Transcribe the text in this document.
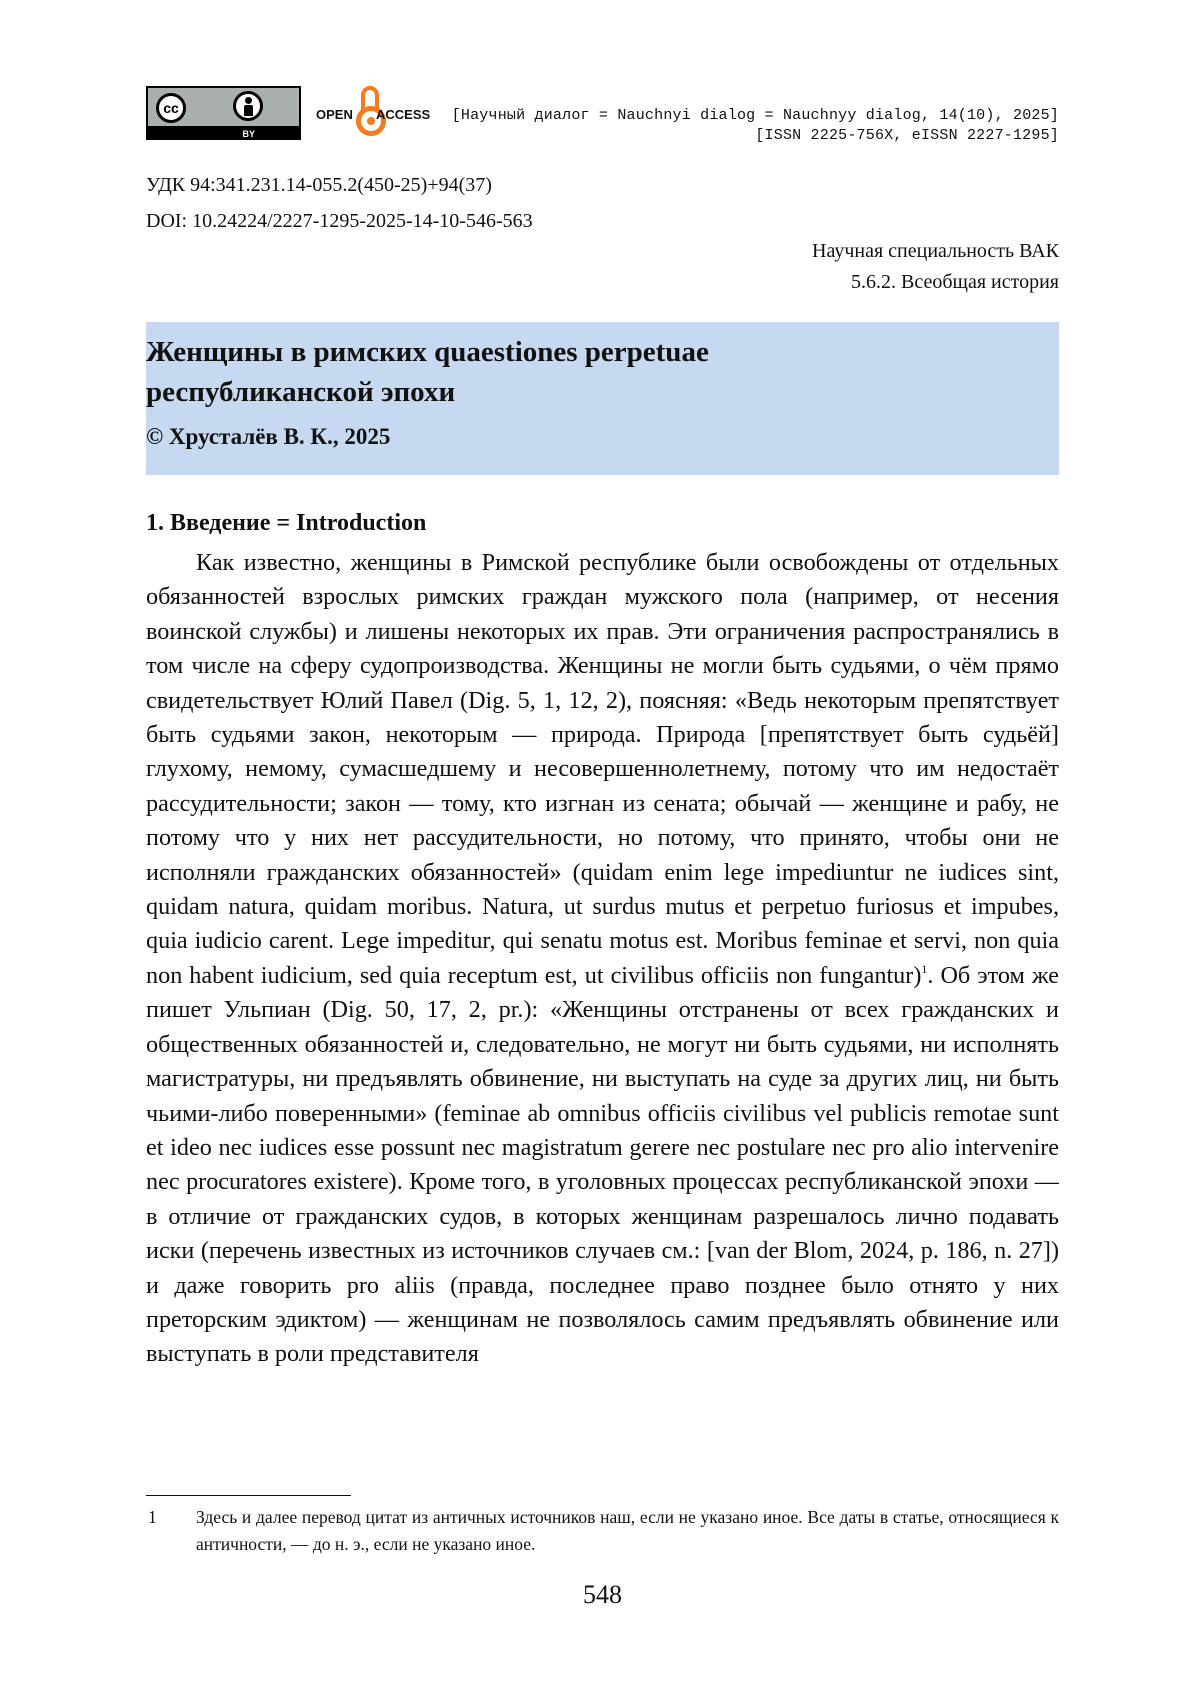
cc
BY
OPEN ACCESS [Научный диалог = Nauchnyi dialog = Nauchnyy dialog, 14(10), 2025]
[ISSN 2225-756X, eISSN 2227-1295]
УДК 94:341.231.14-055.2(450-25)+94(37)
DOI: 10.24224/2227-1295-2025-14-10-546-563
Научная специальность ВАК
5.6.2. Всеобщая история
Женщины в римских quaestiones perpetuae республиканской эпохи
© Хрусталёв В. К., 2025
1. Введение = Introduction
Как известно, женщины в Римской республике были освобождены от отдельных обязанностей взрослых римских граждан мужского пола (например, от несения воинской службы) и лишены некоторых их прав. Эти ограничения распространялись в том числе на сферу судопроизводства. Женщины не могли быть судьями, о чём прямо свидетельствует Юлий Павел (Dig. 5, 1, 12, 2), поясняя: «Ведь некоторым препятствует быть судьями закон, некоторым — природа. Природа [препятствует быть судьёй] глухому, немому, сумасшедшему и несовершеннолетнему, потому что им недостаёт рассудительности; закон — тому, кто изгнан из сената; обычай — женщине и рабу, не потому что у них нет рассудительности, но потому, что принято, чтобы они не исполняли гражданских обязанностей» (quidam enim lege impediuntur ne iudices sint, quidam natura, quidam moribus. Natura, ut surdus mutus et perpetuo furiosus et impubes, quia iudicio carent. Lege impeditur, qui senatu motus est. Moribus feminae et servi, non quia non habent iudicium, sed quia receptum est, ut civilibus officiis non fungantur)$^1$. Об этом же пишет Ульпиан (Dig. 50, 17, 2, pr.): «Женщины отстранены от всех гражданских и общественных обязанностей и, следовательно, не могут ни быть судьями, ни исполнять магистратуры, ни предъявлять обвинение, ни выступать на суде за других лиц, ни быть чьими-либо поверенными» (feminae ab omnibus officiis civilibus vel publicis remotae sunt et ideo nec iudices esse possunt nec magistratum gerere nec postulare nec pro alio intervenire nec procuratores existere). Кроме того, в уголовных процессах республиканской эпохи — в отличие от гражданских судов, в которых женщинам разрешалось лично подавать иски (перечень известных из источников случаев см.: [van der Blom, 2024, p. 186, n. 27]) и даже говорить pro aliis (правда, последнее право позднее было отнято у них преторским эдиктом) — женщинам не позволялось самим предъявлять обвинение или выступать в роли представителя
1 Здесь и далее перевод цитат из античных источников наш, если не указано иное. Все даты в статье, относящиеся к античности, — до н. э., если не указано иное.
548
